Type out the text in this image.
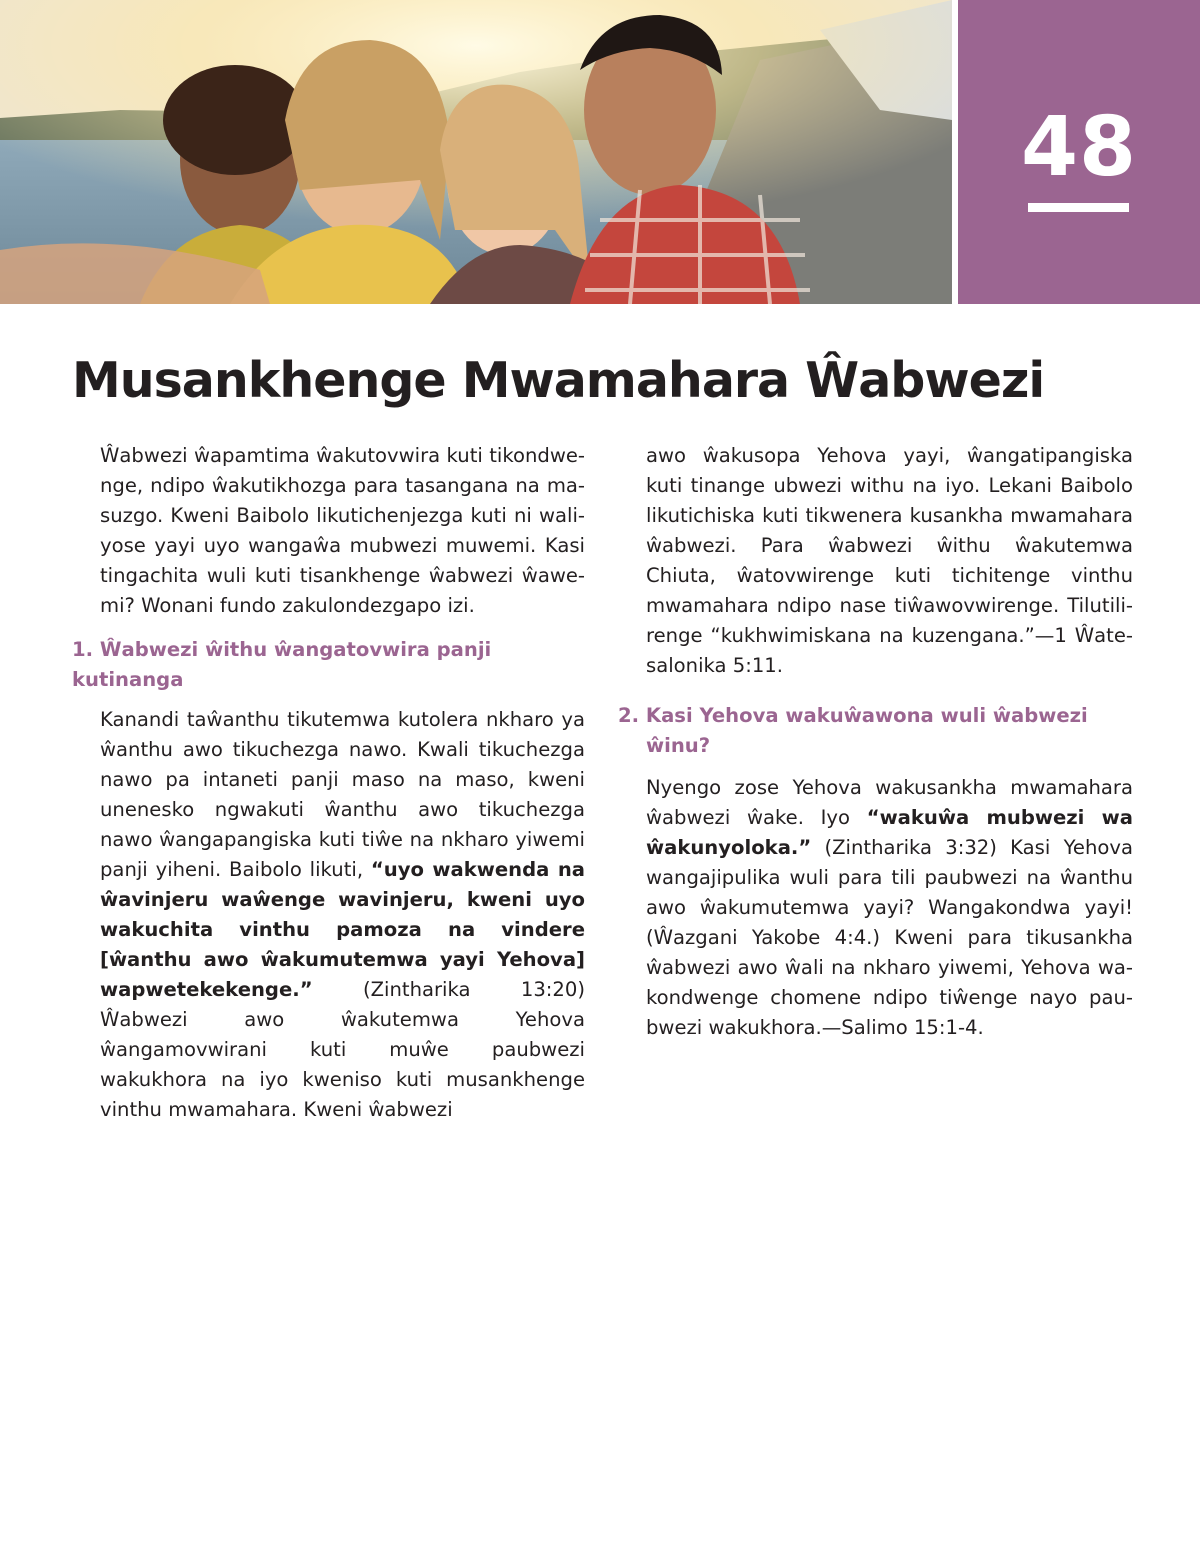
48
Musankhenge Mwamahara Ŵabwezi

Ŵabwezi ŵapamtima ŵakutovwira kuti tikondwenge, ndipo ŵakutikhozga para tasangana na masuzgo. Kweni Baibolo likutichenjezga kuti ni waliyose yayi uyo wangaŵa mubwezi muwemi. Kasi tingachita wuli kuti tisankhenge ŵabwezi ŵawemi? Wonani fundo zakulondezgapo izi.

1. Ŵabwezi ŵithu ŵangatovwira panji kutinanga

Kanandi taŵanthu tikutemwa kutolera nkharo ya ŵanthu awo tikuchezga nawo. Kwali tikuchezga nawo pa intaneti panji maso na maso, kweni unenesko ngwakuti ŵanthu awo tikuchezga nawo ŵangapangiska kuti tiŵe na nkharo yiwemi panji yiheni. Baibolo likuti, “uyo wakwenda na ŵavinjeru waŵenge wavinjeru, kweni uyo wakuchita vinthu pamoza na vindere [ŵanthu awo ŵakumutemwa yayi Yehova] wapwetekekenge.” (Zintharika 13:20) Ŵabwezi awo ŵakutemwa Yehova ŵangamovwirani kuti muŵe paubwezi wakukhora na iyo kweniso kuti musankhenge vinthu mwamahara. Kweni ŵabwezi

awo ŵakusopa Yehova yayi, ŵangatipangiska kuti tinange ubwezi withu na iyo. Lekani Baibolo likutichiska kuti tikwenera kusankha mwamahara ŵabwezi. Para ŵabwezi ŵithu ŵakutemwa Chiuta, ŵatovwirenge kuti tichitenge vinthu mwamahara ndipo nase tiŵawovwirenge. Tilutilirenge “kukhwimiskana na kuzengana.”—1 Ŵatesalonika 5:11.

2. Kasi Yehova wakuŵawona wuli ŵabwezi ŵinu?

Nyengo zose Yehova wakusankha mwamahara ŵabwezi ŵake. Iyo “wakuŵa mubwezi wa ŵakunyoloka.” (Zintharika 3:32) Kasi Yehova wangajipulika wuli para tili paubwezi na ŵanthu awo ŵakumutemwa yayi? Wangakondwa yayi! (Ŵazgani Yakobe 4:4.) Kweni para tikusankha ŵabwezi awo ŵali na nkharo yiwemi, Yehova wakondwenge chomene ndipo tiŵenge nayo paubwezi wakukhora.—Salimo 15:1-4.
